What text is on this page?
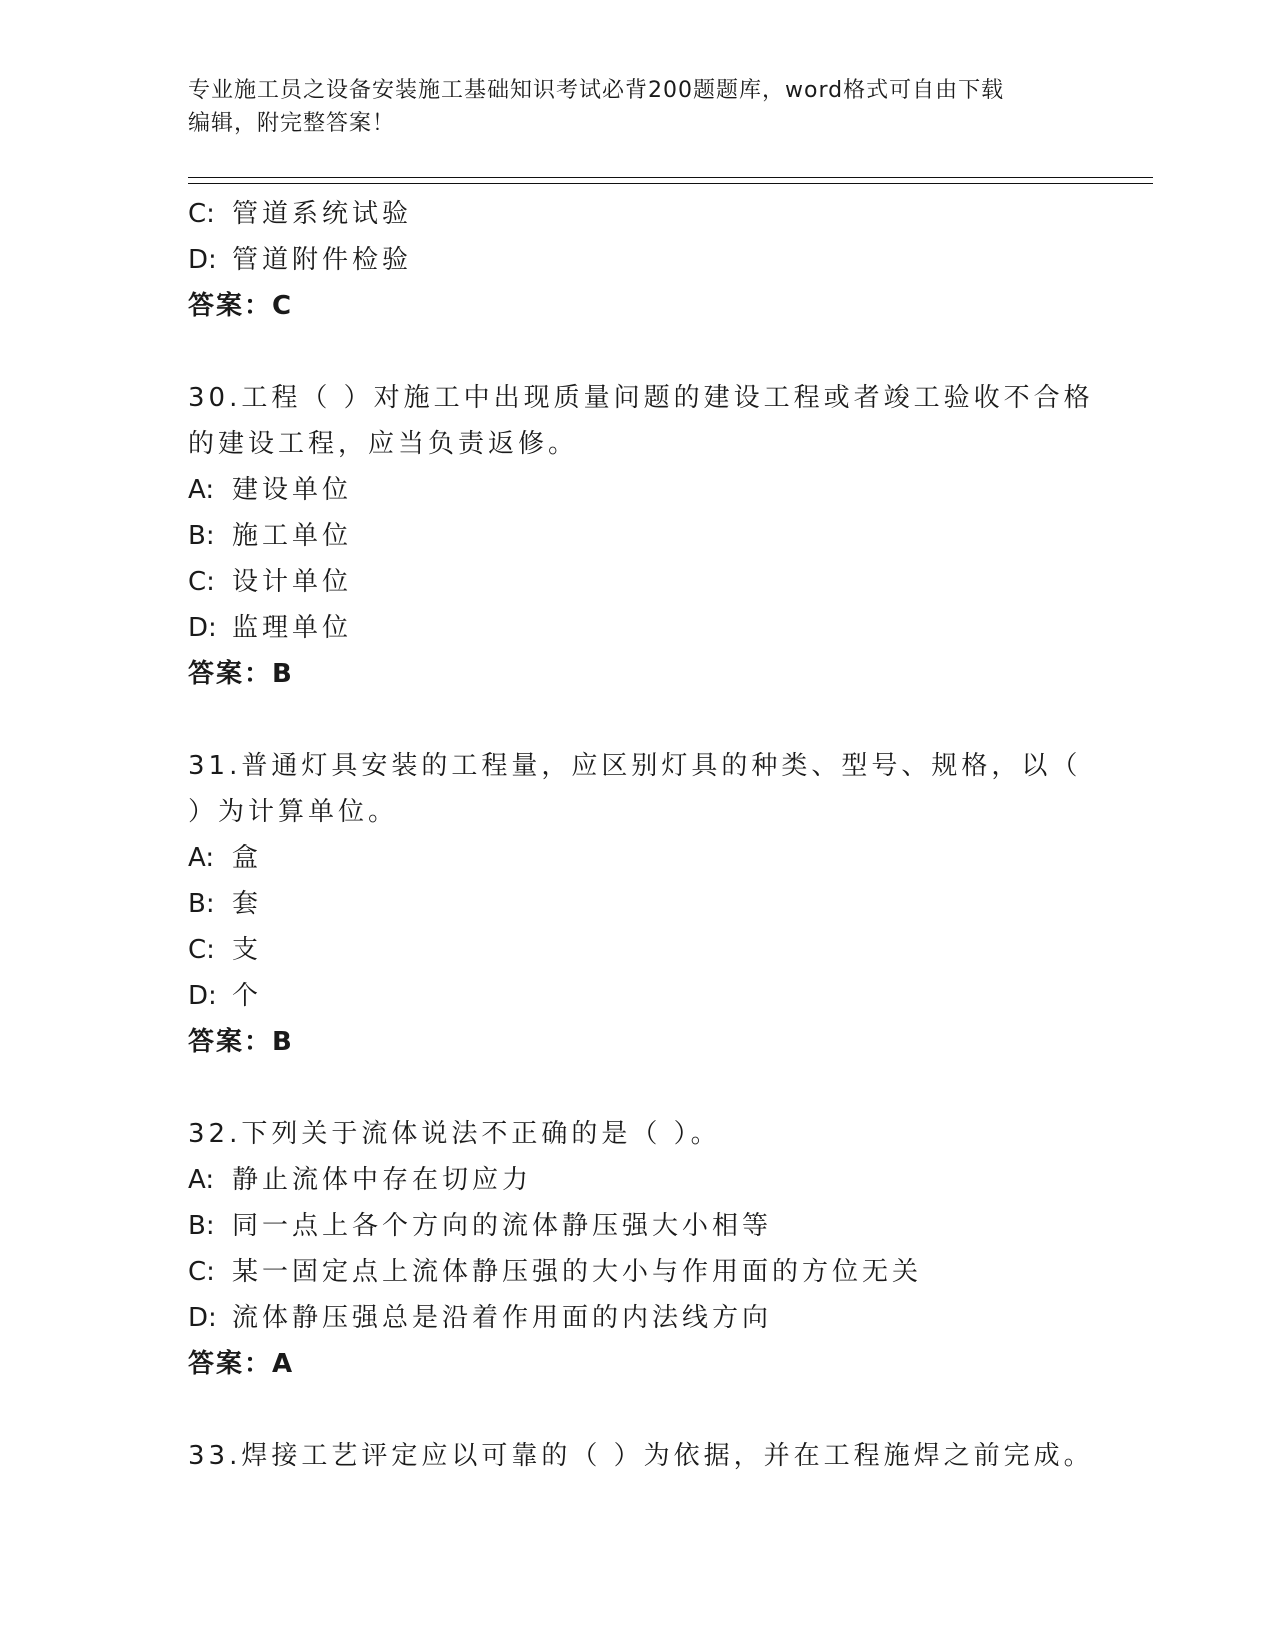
专业施工员之设备安装施工基础知识考试必背200题题库，word格式可自由下载
编辑，附完整答案！
C: 管道系统试验
D: 管道附件检验
答案：C
30.工程（ ）对施工中出现质量问题的建设工程或者竣工验收不合格
的建设工程，应当负责返修。
A: 建设单位
B: 施工单位
C: 设计单位
D: 监理单位
答案：B
31.普通灯具安装的工程量，应区别灯具的种类、型号、规格，以（
）为计算单位。
A: 盒
B: 套
C: 支
D: 个
答案：B
32.下列关于流体说法不正确的是（ ）。
A: 静止流体中存在切应力
B: 同一点上各个方向的流体静压强大小相等
C: 某一固定点上流体静压强的大小与作用面的方位无关
D: 流体静压强总是沿着作用面的内法线方向
答案：A
33.焊接工艺评定应以可靠的（ ）为依据，并在工程施焊之前完成。
